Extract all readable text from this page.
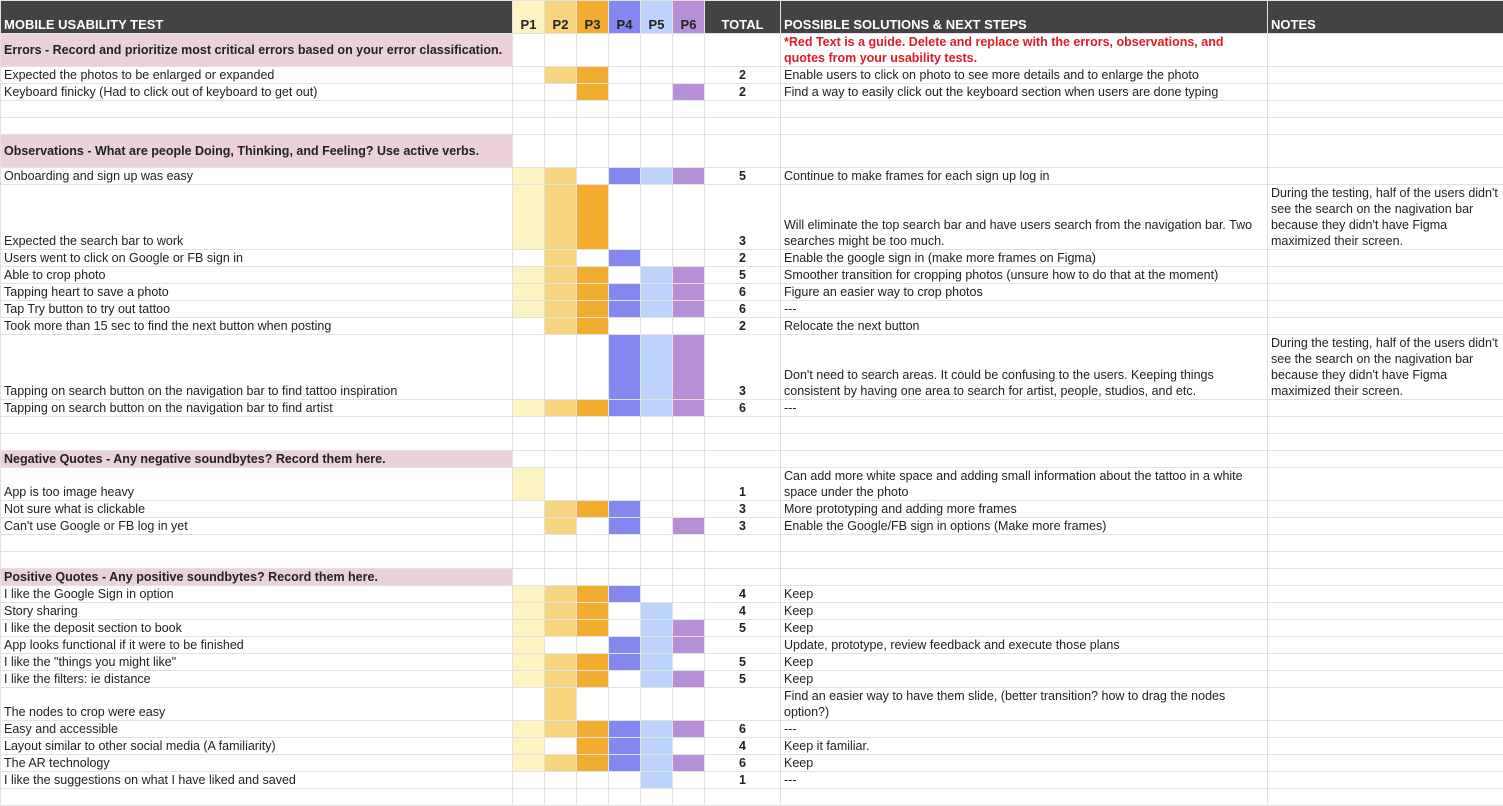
MOBILE USABILITY TEST	P1	P2	P3	P4	P5	P6	TOTAL	POSSIBLE SOLUTIONS & NEXT STEPS	NOTES
Errors - Record and prioritize most critical errors based on your error classification.								*Red Text is a guide. Delete and replace with the errors, observations, and quotes from your usability tests.	
Expected the photos to be enlarged or expanded							2	Enable users to click on photo to see more details and to enlarge the photo	
Keyboard finicky (Had to click out of keyboard to get out)							2	Find a way to easily click out the keyboard section when users are done typing	

Observations - What are people Doing, Thinking, and Feeling? Use active verbs.									
Onboarding and sign up was easy							5	Continue to make frames for each sign up log in	
Expected the search bar to work							3	Will eliminate the top search bar and have users search from the navigation bar. Two searches might be too much.	During the testing, half of the users didn't see the search on the nagivation bar because they didn't have Figma maximized their screen.
Users went to click on Google or FB sign in							2	Enable the google sign in (make more frames on Figma)	
Able to crop photo							5	Smoother transition for cropping photos (unsure how to do that at the moment)	
Tapping heart to save a photo							6	Figure an easier way to crop photos	
Tap Try button to try out tattoo							6	---	
Took more than 15 sec to find the next button when posting							2	Relocate the next button	
Tapping on search button on the navigation bar to find tattoo inspiration							3	Don't need to search areas. It could be confusing to the users. Keeping things consistent by having one area to search for artist, people, studios, and etc.	During the testing, half of the users didn't see the search on the nagivation bar because they didn't have Figma maximized their screen.
Tapping on search button on the navigation bar to find artist							6	---	

Negative Quotes - Any negative soundbytes? Record them here.									
App is too image heavy							1	Can add more white space and adding small information about the tattoo in a white space under the photo	
Not sure what is clickable							3	More prototyping and adding more frames	
Can't use Google or FB log in yet							3	Enable the Google/FB sign in options (Make more frames)	

Positive Quotes - Any positive soundbytes? Record them here.									
I like the Google Sign in option							4	Keep	
Story sharing							4	Keep	
I like the deposit section to book							5	Keep	
App looks functional if it were to be finished								Update, prototype, review feedback and execute those plans	
I like the "things you might like"							5	Keep	
I like the filters: ie distance							5	Keep	
The nodes to crop were easy								Find an easier way to have them slide, (better transition? how to drag the nodes option?)	
Easy and accessible							6	---	
Layout similar to other social media (A familiarity)							4	Keep it familiar.	
The AR technology							6	Keep	
I like the suggestions on what I have liked and saved							1	---	
